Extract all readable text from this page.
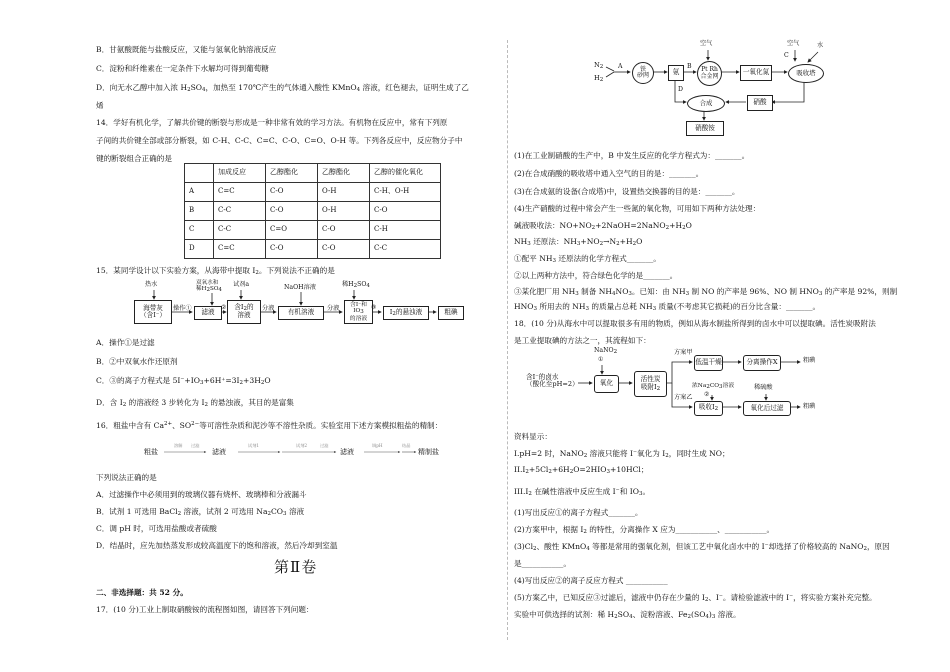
B．甘氨酸既能与盐酸反应，又能与氢氧化钠溶液反应
C．淀粉和纤维素在一定条件下水解均可得到葡萄糖
D．向无水乙醇中加入浓 H2SO4，加热至 170℃产生的气体通入酸性 KMnO4 溶液，红色褪去，证明生成了乙
烯
14．学好有机化学，了解共价键的断裂与形成是一种非常有效的学习方法。有机物在反应中，常有下列原
子间的共价键全部或部分断裂，如 C-H、C-C、C=C、C-O、C=O、O-H 等。下列各反应中，反应物分子中
键的断裂组合正确的是
	加成反应	乙醇酯化	乙醇酯化	乙醇的催化氧化
A	C=C	C-O	O-H	C-H、O-H
B	C-C	C-O	O-H	C-O
C	C-C	C=O	C-O	C-H
D	C=C	C-O	C-O	C-C
15．某同学设计以下实验方案，从海带中提取 I2。下列说法不正确的是
热水	双氧水和
稀H2SO4
试剂a	NaOH溶液	稀H2SO4
海带灰
（含I⁻）
操作①	滤液
② 含I2的
溶液
分液	有机溶液	分液	含I⁻和IO3
的溶液
③
I2的悬浊液	粗碘
A．操作①是过滤
B．②中双氧水作还原剂
C．③的离子方程式是 5I⁻+IO3+6H⁺=3I2+3H2O
D．含 I2 的溶液经 3 步转化为 I2 的悬浊液，其目的是富集
16．粗盐中含有 $Ca^{2+}$、$SO^{2-}$等可溶性杂质和泥沙等不溶性杂质。实验室用下述方案模拟粗盐的精制：
溶解 过滤	试剂1	试剂2	过滤	调pH	结晶
粗盐	滤液	滤液	精制盐
下列说法正确的是
A．过滤操作中必须用到的玻璃仪器有烧杯、玻璃棒和分液漏斗
B．试剂 1 可选用 BaCl2 溶液，试剂 2 可选用 Na2CO3 溶液
C．调 pH 时，可选用盐酸或者硫酸
D．结晶时，应先加热蒸发形成较高温度下的饱和溶液，然后冷却到室温
第Ⅱ卷
二、非选择题：共 52 分。
17．(10 分)工业上制取硝酸铵的流程图如图，请回答下列问题：
N2
H2
A	铁
砂网	氨
空气
B Pt Rh
合金网	一氧化氮
空气	水
C
吸收塔
D
合成	硝酸
硝酸铵
(1)在工业制硝酸的生产中，B 中发生反应的化学方程式为：_______。
(2)在合成硝酸的吸收塔中通入空气的目的是：_______。
(3)在合成氨的设备(合成塔)中，设置热交换器的目的是：_______。
(4)生产硝酸的过程中常会产生一些氮的氧化物，可用如下两种方法处理：
碱液吸收法：NO+NO2+2NaOH=2NaNO2+H2O
NH3 还原法：NH3+NO2→N2+H2O
①配平 NH3 还原法的化学方程式_______。
②以上两种方法中，符合绿色化学的是_______。
③某化肥厂用 NH3 制备 NH4NO3。已知：由 NH3 制 NO 的产率是 96%、NO 制 HNO3 的产率是 92%，则制
HNO3 所用去的 NH3 的质量占总耗 NH3 质量(不考虑其它损耗)的百分比含量：_______。
18．(10 分)从海水中可以提取很多有用的物质，例如从海水制盐所得到的卤水中可以提取碘。活性炭吸附法
是工业提取碘的方法之一，其流程如下：
含I⁻的卤水
（酸化至pH=2）
NaNO2
①
氧化
活性炭
吸附I2
方案甲
方案乙
低温干燥	分离操作X	粗碘
浓Na2CO3溶液
②
稀硫酸
吸收I2	氧化后过滤	粗碘
资料显示：
I.pH=2 时，NaNO2 溶液只能将 I⁻氧化为 I2，同时生成 NO；
II.I2+5Cl2+6H2O=2HIO3+10HCl；
III.I2 在碱性溶液中反应生成 I⁻和 IO3。
(1)写出反应①的离子方程式_______。
(2)方案甲中，根据 I2 的特性，分离操作 X 应为___________、___________。
(3)Cl2、酸性 KMnO4 等都是常用的强氧化剂，但该工艺中氧化卤水中的 I⁻却选择了价格较高的 NaNO2，原因
是___________。
(4)写出反应②的离子反应方程式 ___________
(5)方案乙中，已知反应③过滤后，滤液中仍存在少量的 I2、I⁻。请检验滤液中的 I⁻，将实验方案补充完整。
实验中可供选择的试剂：稀 H2SO4、淀粉溶液、Fe2(SO4)3 溶液。
